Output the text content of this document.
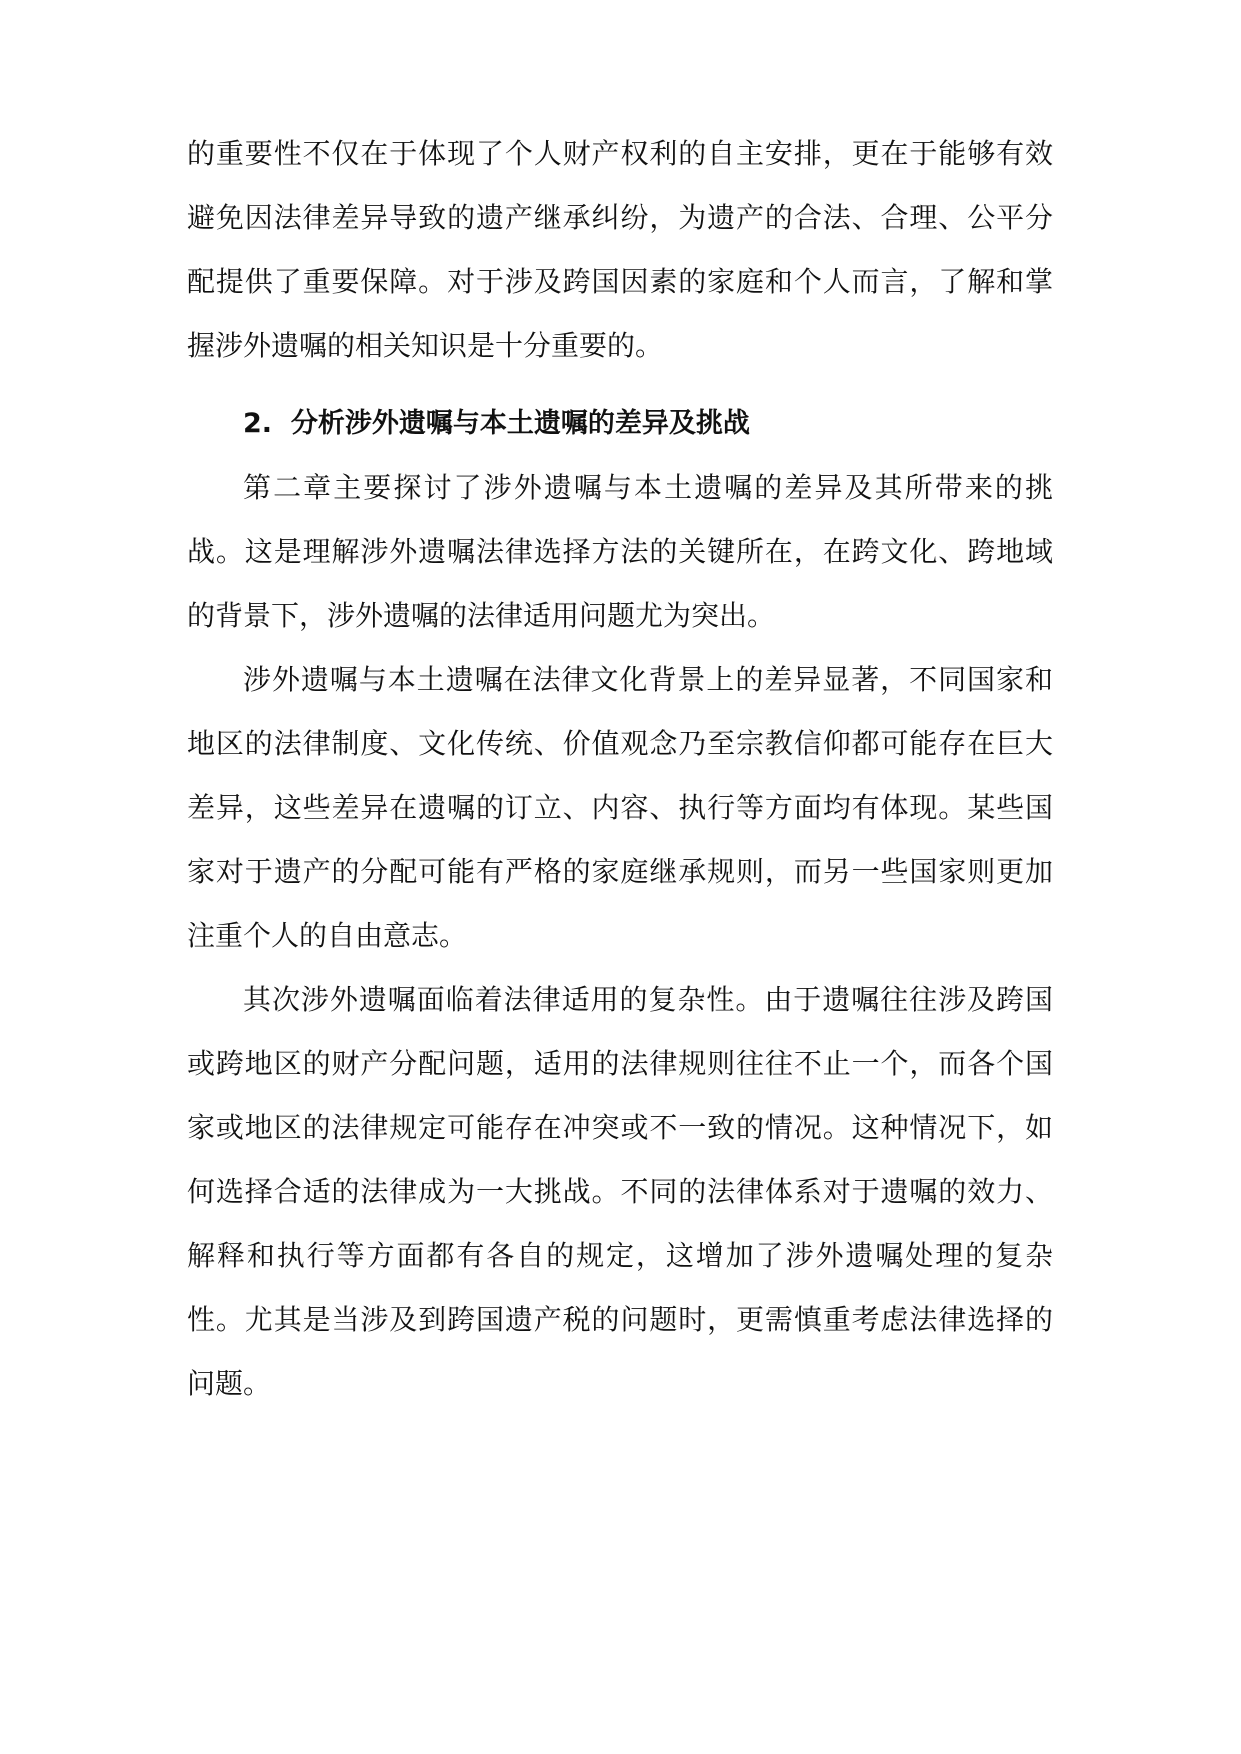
的重要性不仅在于体现了个人财产权利的自主安排，更在于能够有效避免因法律差异导致的遗产继承纠纷，为遗产的合法、合理、公平分配提供了重要保障。对于涉及跨国因素的家庭和个人而言，了解和掌握涉外遗嘱的相关知识是十分重要的。

2. 分析涉外遗嘱与本土遗嘱的差异及挑战

第二章主要探讨了涉外遗嘱与本土遗嘱的差异及其所带来的挑战。这是理解涉外遗嘱法律选择方法的关键所在，在跨文化、跨地域的背景下，涉外遗嘱的法律适用问题尤为突出。

涉外遗嘱与本土遗嘱在法律文化背景上的差异显著，不同国家和地区的法律制度、文化传统、价值观念乃至宗教信仰都可能存在巨大差异，这些差异在遗嘱的订立、内容、执行等方面均有体现。某些国家对于遗产的分配可能有严格的家庭继承规则，而另一些国家则更加注重个人的自由意志。

其次涉外遗嘱面临着法律适用的复杂性。由于遗嘱往往涉及跨国或跨地区的财产分配问题，适用的法律规则往往不止一个，而各个国家或地区的法律规定可能存在冲突或不一致的情况。这种情况下，如何选择合适的法律成为一大挑战。不同的法律体系对于遗嘱的效力、解释和执行等方面都有各自的规定，这增加了涉外遗嘱处理的复杂性。尤其是当涉及到跨国遗产税的问题时，更需慎重考虑法律选择的问题。
